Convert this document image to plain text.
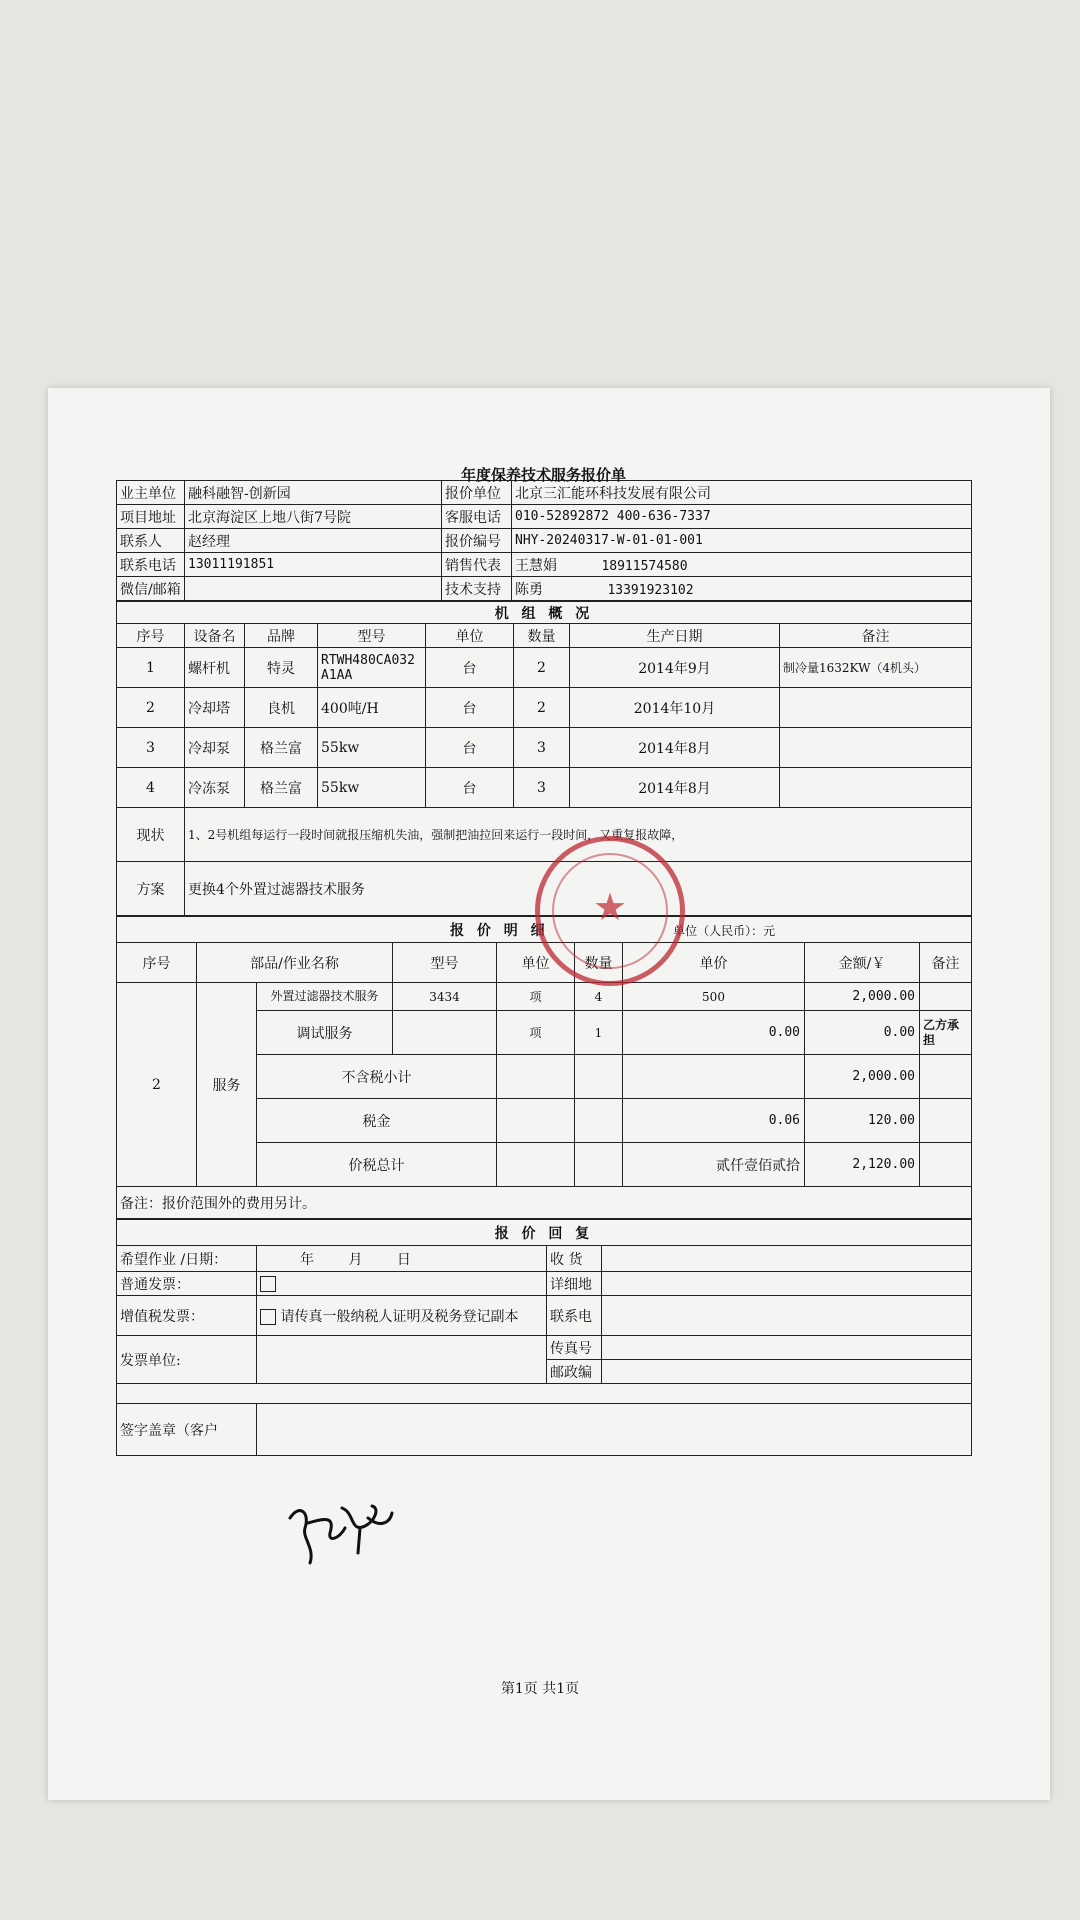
年度保养技术服务报价单
业主单位	融科融智-创新园	报价单位	北京三汇能环科技发展有限公司
项目地址	北京海淀区上地八街7号院	客服电话	010-52892872 400-636-7337
联系人	赵经理	报价编号	NHY-20240317-W-01-01-001
联系电话	13011191851	销售代表	王慧娟 18911574580
微信/邮箱		技术支持	陈勇 13391923102
机 组 概 况							
序号	设备名	品牌	型号	单位	数量	生产日期	备注
1	螺杆机	特灵	RTWH480CA032A1AA	台	2	2014年9月	制冷量1632KW（4机头）
2	冷却塔	良机	400吨/H	台	2	2014年10月	
3	冷却泵	格兰富	55kw	台	3	2014年8月	
4	冷冻泵	格兰富	55kw	台	3	2014年8月	
现状	1、2号机组每运行一段时间就报压缩机失油，强制把油拉回来运行一段时间，又重复报故障，						
方案	更换4个外置过滤器技术服务						
报 价 明 细 单位（人民币）：元								
序号	部品/作业名称		型号	单位	数量	单价	金额/￥	备注
2	服务	外置过滤器技术服务	3434	项	4	500	2,000.00	
		调试服务		项	1	0.00	0.00	乙方承担
		不含税小计					2,000.00	
		税金				0.06	120.00	
		价税总计				贰仟壹佰贰拾	2,120.00	
备注：报价范围外的费用另计。								
报 价 回 复			
希望作业 /日期：	年 月 日	收 货	
普通发票：		详细地	
增值税发票：	请传真一般纳税人证明及税务登记副本	联系电	
发票单位:		传真号	
		邮政编	

签字盖章（客户			
★
第1页 共1页
